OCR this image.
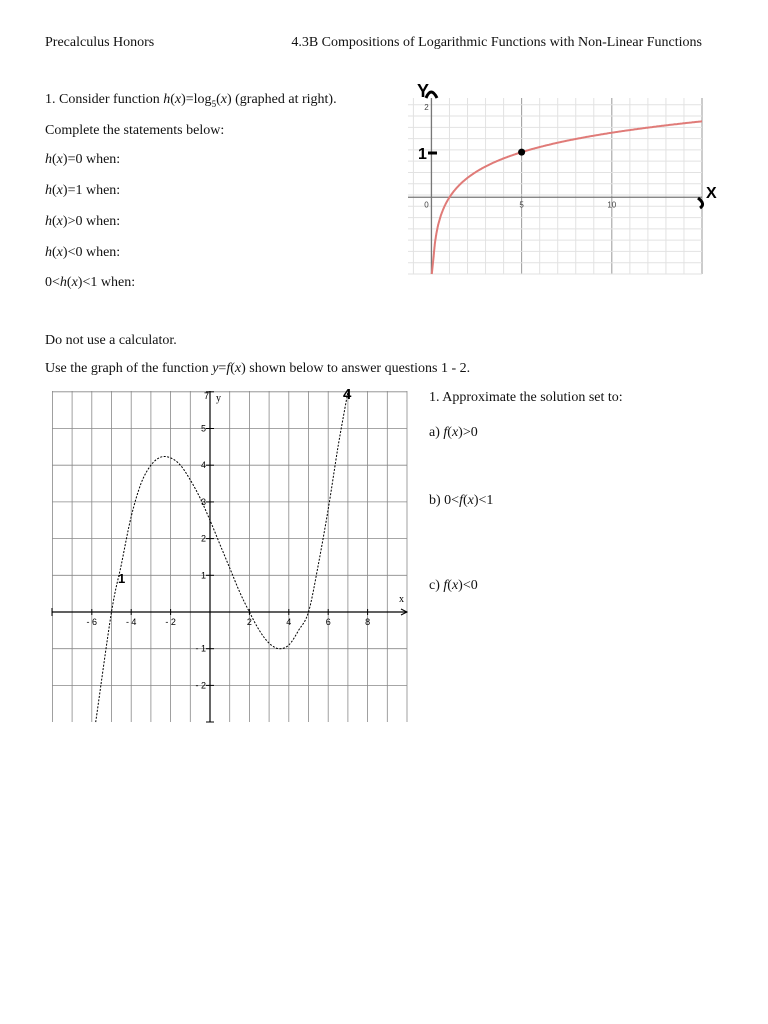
Precalculus Honors	4.3B Compositions of Logarithmic Functions with Non-Linear Functions
1. Consider function $h(x)=\log_5(x)$ (graphed at right).
Complete the statements below:
h(x)=0 when:
h(x)=1 when:
h(x)>0 when:
h(x)<0 when:
0<h(x)<1 when:
0	5	10
2
Y
1
X
Do not use a calculator.
Use the graph of the function y=f(x) shown below to answer questions 1 - 2.
- 6	- 4	- 2	2	4	6	8
5
4
3
2
1
- 1
- 2
7
x
y
1
4	1. Approximate the solution set to:
a) f(x)>0
b) 0<f(x)<1
c) f(x)<0
